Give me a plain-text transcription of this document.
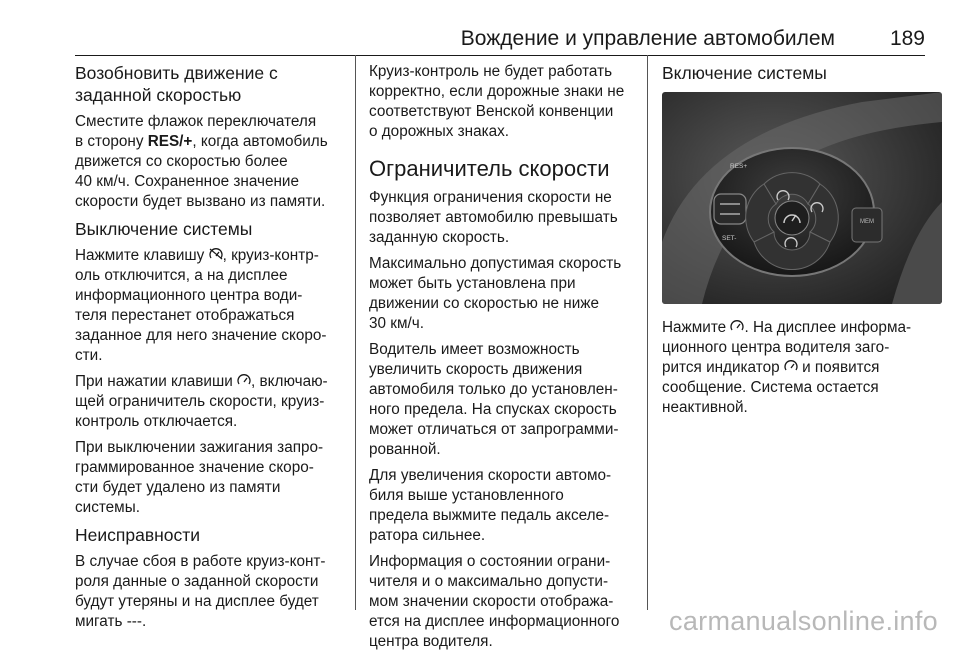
Вождение и управление автомобилем	189
Возобновить движение с
заданной скоростью

Сместите флажок переключателя
в сторону RES/+, когда автомобиль
движется со скоростью более
40 км/ч. Сохраненное значение
скорости будет вызвано из памяти.

Выключение системы

Нажмите клавишу , круиз-контр-
оль отключится, а на дисплее
информационного центра води-
теля перестанет отображаться
заданное для него значение скоро-
сти.

При нажатии клавиши , включаю-
щей ограничитель скорости, круиз-
контроль отключается.

При выключении зажигания запро-
граммированное значение скоро-
сти будет удалено из памяти
системы.

Неисправности

В случае сбоя в работе круиз-конт-
роля данные о заданной скорости
будут утеряны и на дисплее будет
мигать ---.

Круиз-контроль не будет работать
корректно, если дорожные знаки не
соответствуют Венской конвенции
о дорожных знаках.

Ограничитель скорости

Функция ограничения скорости не
позволяет автомобилю превышать
заданную скорость.

Максимально допустимая скорость
может быть установлена при
движении со скоростью не ниже
30 км/ч.

Водитель имеет возможность
увеличить скорость движения
автомобиля только до установлен-
ного предела. На спусках скорость
может отличаться от запрограмми-
рованной.

Для увеличения скорости автомо-
биля выше установленного
предела выжмите педаль акселе-
ратора сильнее.

Информация о состоянии ограни-
чителя и о максимально допусти-
мом значении скорости отобража-
ется на дисплее информационного
центра водителя.

Включение системы
MEM
RES+
SET-

Нажмите . На дисплее информа-
ционного центра водителя заго-
рится индикатор  и появится
сообщение. Система остается
неактивной.

carmanualsonline.info
